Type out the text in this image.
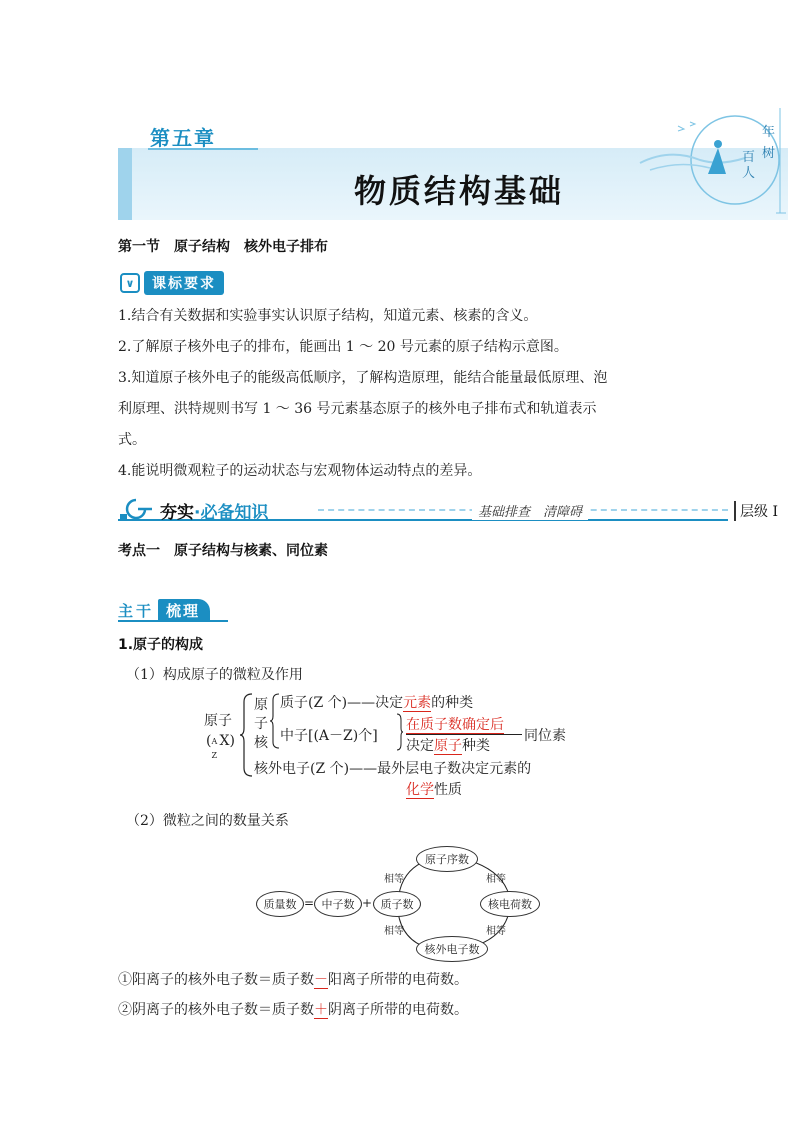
第五章
物质结构基础
年
树
百
人
第一节　原子结构　核外电子排布
∨	课标要求
1.结合有关数据和实验事实认识原子结构，知道元素、核素的含义。
2.了解原子核外电子的排布，能画出 1 ～ 20 号元素的原子结构示意图。
3.知道原子核外电子的能级高低顺序，了解构造原理，能结合能量最低原理、泡
利原理、洪特规则书写 1 ～ 36 号元素基态原子的核外电子排布式和轨道表示
式。
4.能说明微观粒子的运动状态与宏观物体运动特点的差异。
夯实·必备知识	基础排查　清障碍	层级 Ⅰ
考点一　原子结构与核素、同位素
主干 梳理
1.原子的构成
（1）构成原子的微粒及作用
原子
( A
Z
X)
原
子
核
质子(Z 个)——决定元素的种类
中子[(A－Z)个]
在质子数确定后
决定原子种类
同位素
核外电子(Z 个)——最外层电子数决定元素的
化学性质
（2）微粒之间的数量关系
质量数 = 中子数 + 质子数
原子序数
核电荷数
核外电子数
相等	相等
相等	相等
①阳离子的核外电子数＝质子数－阳离子所带的电荷数。
②阴离子的核外电子数＝质子数＋阴离子所带的电荷数。
